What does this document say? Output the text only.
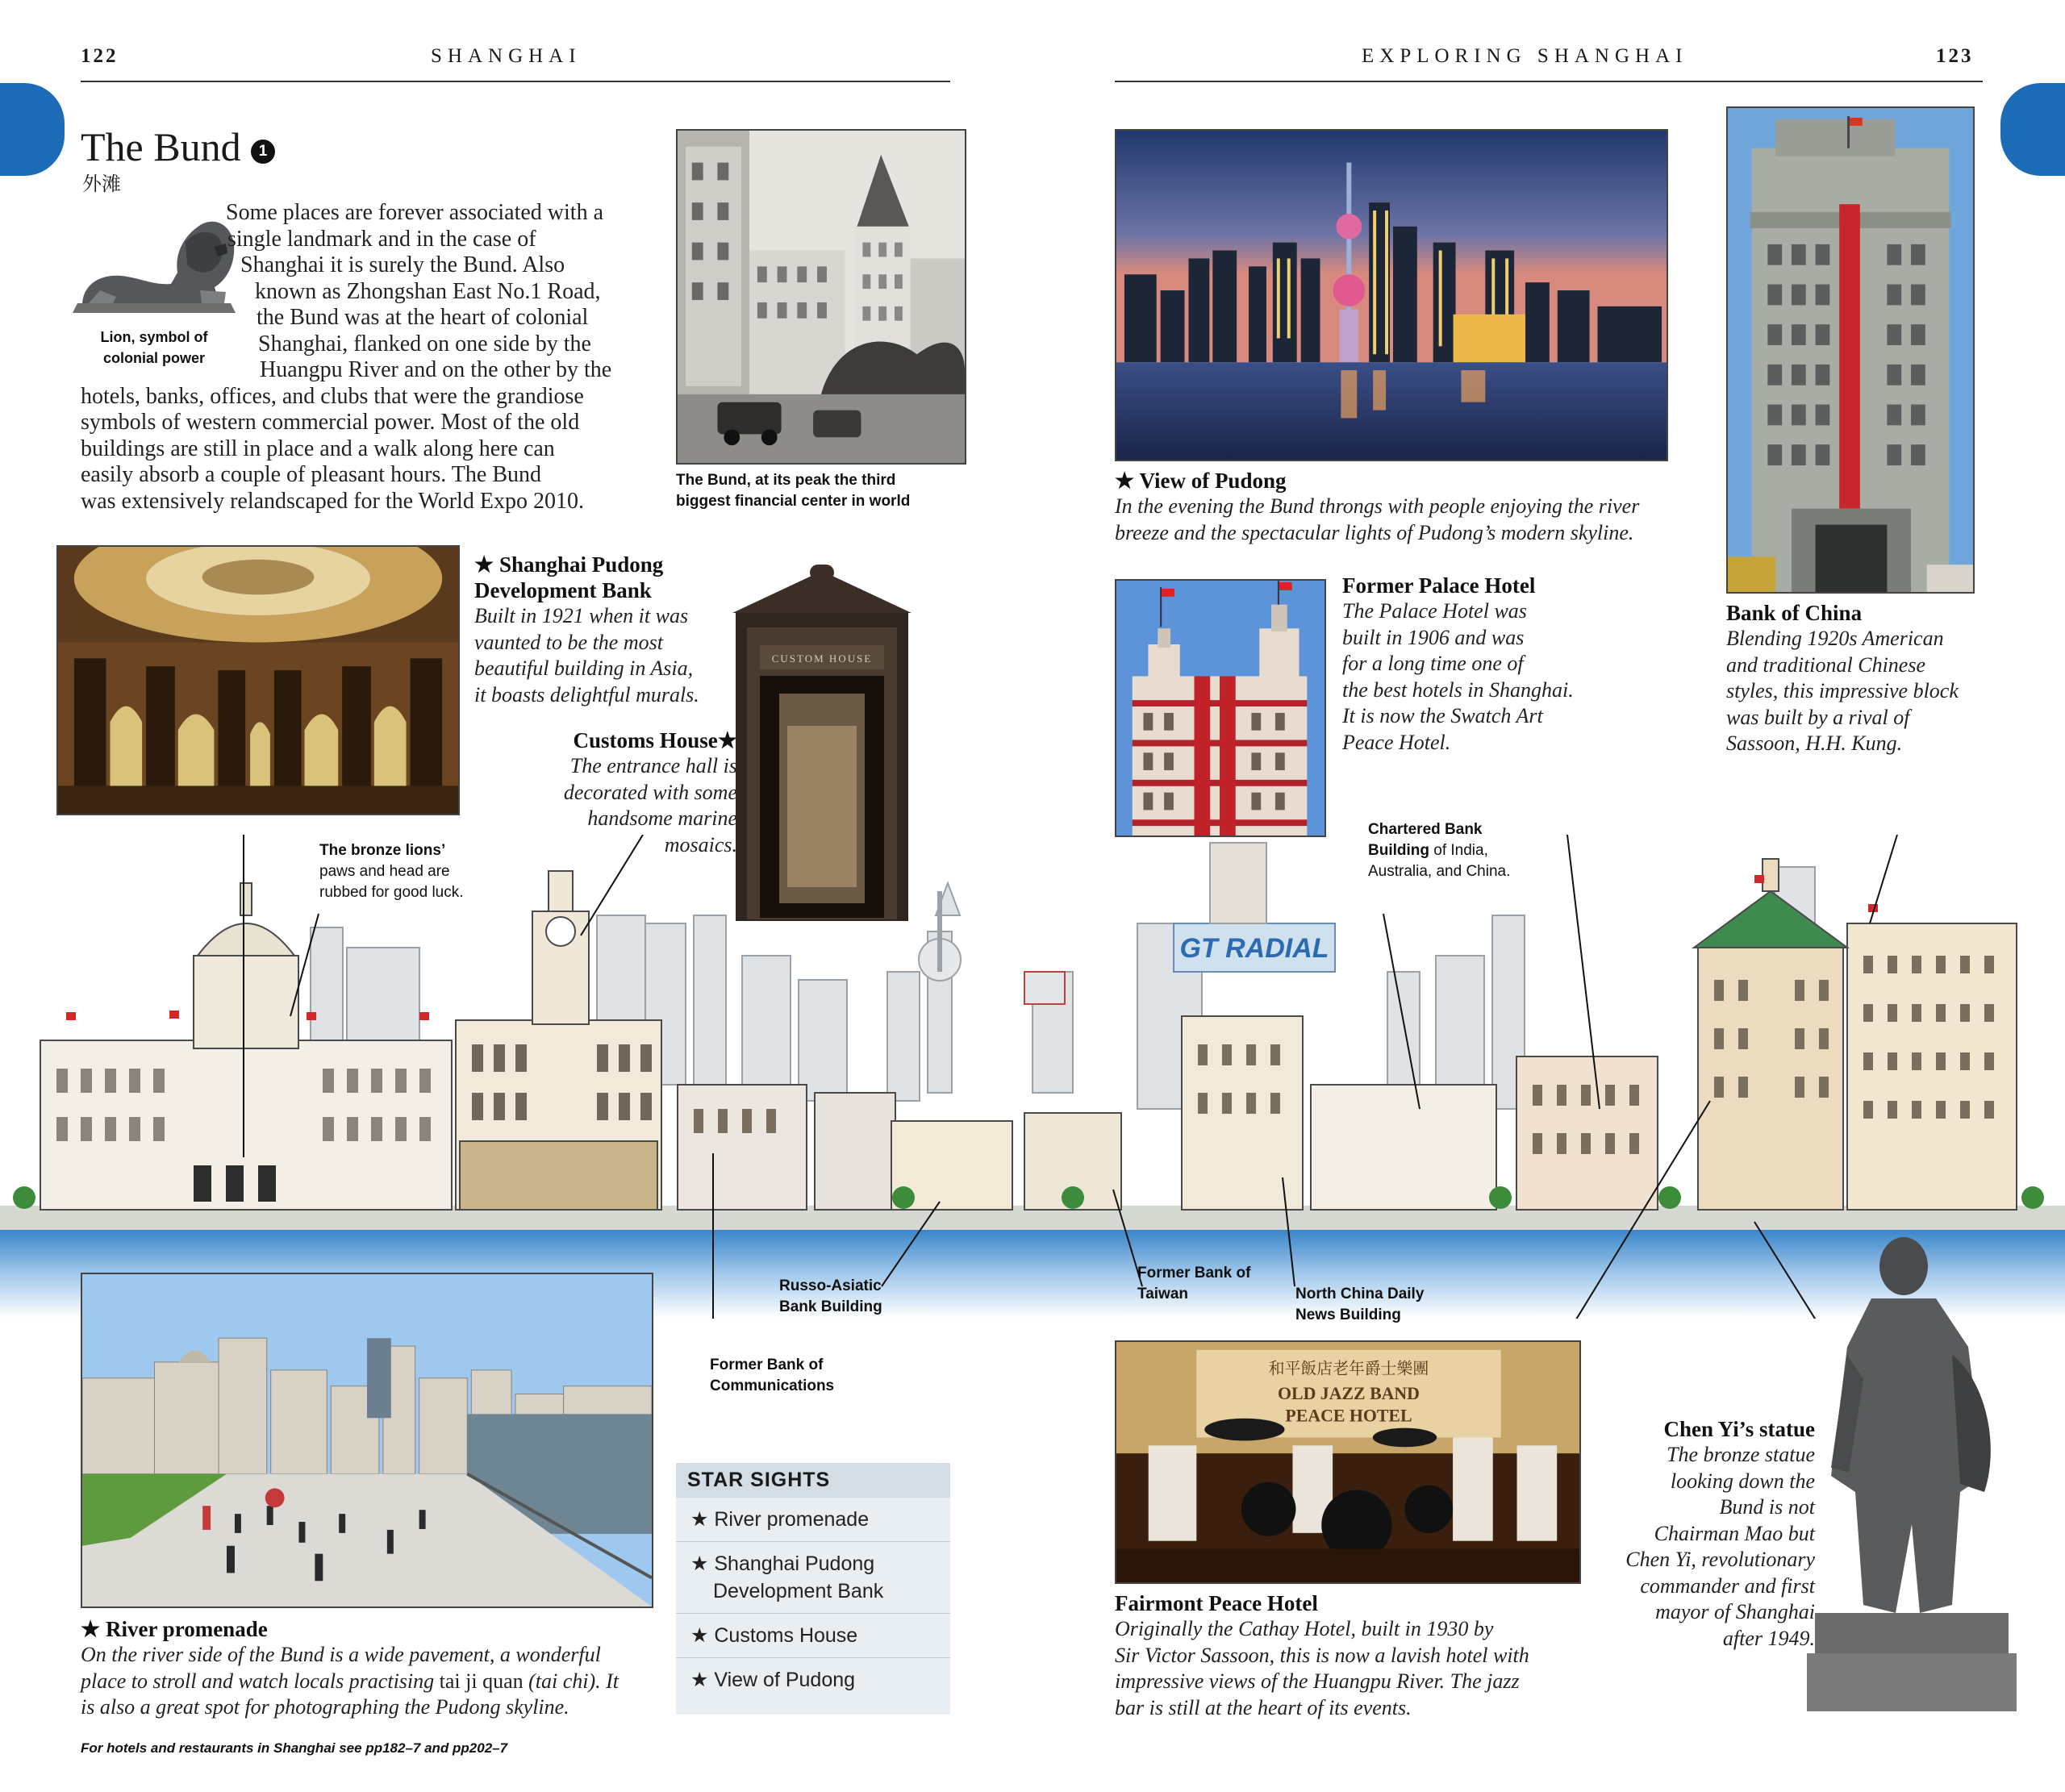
122	SHANGHAI	EXPLORING SHANGHAI	123
The Bund 1
外滩
Lion, symbol of
colonial power
Some places are forever associated with a
single landmark and in the case of
Shanghai it is surely the Bund. Also
known as Zhongshan East No.1 Road,
the Bund was at the heart of colonial
Shanghai, flanked on one side by the
Huangpu River and on the other by the
hotels, banks, offices, and clubs that were the grandiose
symbols of western commercial power. Most of the old
buildings are still in place and a walk along here can
easily absorb a couple of pleasant hours. The Bund
was extensively relandscaped for the World Expo 2010.
The Bund, at its peak the third
biggest financial center in world
★ Shanghai Pudong
Development Bank
Built in 1921 when it was
vaunted to be the most
beautiful building in Asia,
it boasts delightful murals.
CUSTOM HOUSE
Customs House★
The entrance hall is
decorated with some
handsome marine
mosaics.
The bronze lions’
paws and head are
rubbed for good luck.
★ View of Pudong
In the evening the Bund throngs with people enjoying the river
breeze and the spectacular lights of Pudong’s modern skyline.
Former Palace Hotel
The Palace Hotel was
built in 1906 and was
for a long time one of
the best hotels in Shanghai.
It is now the Swatch Art
Peace Hotel.
Bank of China
Blending 1920s American
and traditional Chinese
styles, this impressive block
was built by a rival of
Sassoon, H.H. Kung.
Chartered Bank
Building of India,
Australia, and China.
GT RADIAL
Russo-Asiatic
Bank Building
Former Bank of
Communications
Former Bank of
Taiwan	North China Daily
News Building
★ River promenade
On the river side of the Bund is a wide pavement, a wonderful
place to stroll and watch locals practising tai ji quan (tai chi). It
is also a great spot for photographing the Pudong skyline.
STAR SIGHTS
★ River promenade
★ Shanghai Pudong
Development Bank
★ Customs House
★ View of Pudong
和平飯店老年爵士樂團
OLD JAZZ BAND
PEACE HOTEL
Fairmont Peace Hotel
Originally the Cathay Hotel, built in 1930 by
Sir Victor Sassoon, this is now a lavish hotel with
impressive views of the Huangpu River. The jazz
bar is still at the heart of its events.
Chen Yi’s statue
The bronze statue
looking down the
Bund is not
Chairman Mao but
Chen Yi, revolutionary
commander and first
mayor of Shanghai
after 1949.
For hotels and restaurants in Shanghai see pp182–7 and pp202–7
